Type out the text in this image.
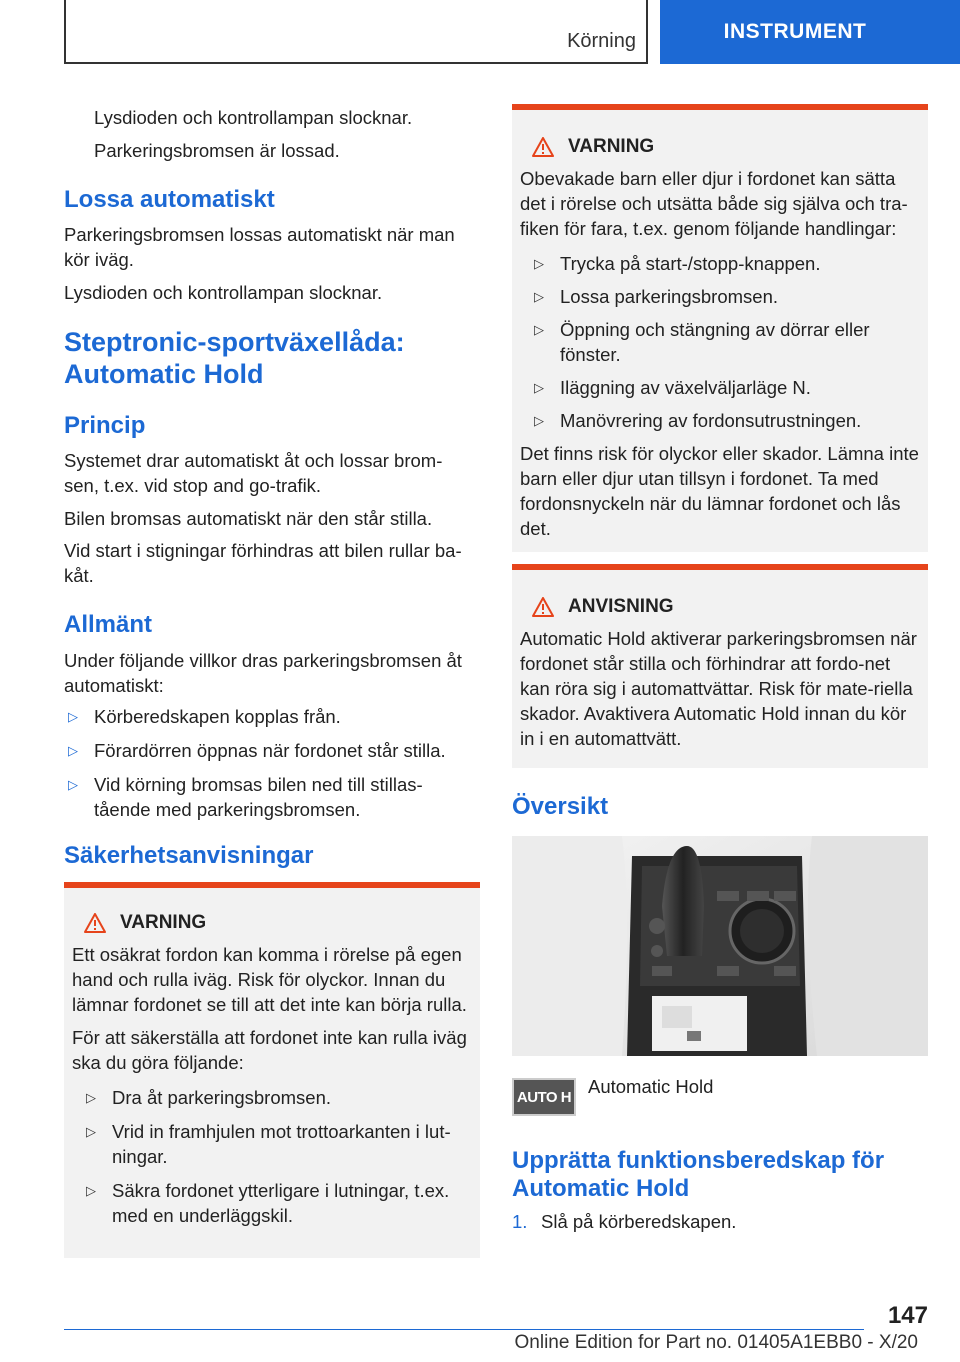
Körning	INSTRUMENT
Lysdioden och kontrollampan slocknar.
Parkeringsbromsen är lossad.
Lossa automatiskt
Parkeringsbromsen lossas automatiskt när man kör iväg.
Lysdioden och kontrollampan slocknar.
Steptronic-sportväxellåda: Automatic Hold
Princip
Systemet drar automatiskt åt och lossar brom-sen, t.ex. vid stop and go-trafik.
Bilen bromsas automatiskt när den står stilla.
Vid start i stigningar förhindras att bilen rullar ba-kåt.
Allmänt
Under följande villkor dras parkeringsbromsen åt automatiskt:
▷ Körberedskapen kopplas från.
▷ Förardörren öppnas när fordonet står stilla.
▷ Vid körning bromsas bilen ned till stillas-tående med parkeringsbromsen.
Säkerhetsanvisningar
VARNING
Ett osäkrat fordon kan komma i rörelse på egen hand och rulla iväg. Risk för olyckor. Innan du lämnar fordonet se till att det inte kan börja rulla.
För att säkerställa att fordonet inte kan rulla iväg ska du göra följande:
▷ Dra åt parkeringsbromsen.
▷ Vrid in framhjulen mot trottoarkanten i lut-ningar.
▷ Säkra fordonet ytterligare i lutningar, t.ex. med en underläggskil.
VARNING
Obevakade barn eller djur i fordonet kan sätta det i rörelse och utsätta både sig själva och tra-fiken för fara, t.ex. genom följande handlingar:
▷ Trycka på start-/stopp-knappen.
▷ Lossa parkeringsbromsen.
▷ Öppning och stängning av dörrar eller fönster.
▷ Iläggning av växelväljarläge N.
▷ Manövrering av fordonsutrustningen.
Det finns risk för olyckor eller skador. Lämna inte barn eller djur utan tillsyn i fordonet. Ta med fordonsnyckeln när du lämnar fordonet och lås det.
ANVISNING
Automatic Hold aktiverar parkeringsbromsen när fordonet står stilla och förhindrar att fordo-net kan röra sig i automattvättar. Risk för mate-riella skador. Avaktivera Automatic Hold innan du kör in i en automattvätt.
Översikt
AUTO H Automatic Hold
Upprätta funktionsberedskap för Automatic Hold
1. Slå på körberedskapen.
147
Online Edition for Part no. 01405A1EBB0 - X/20
